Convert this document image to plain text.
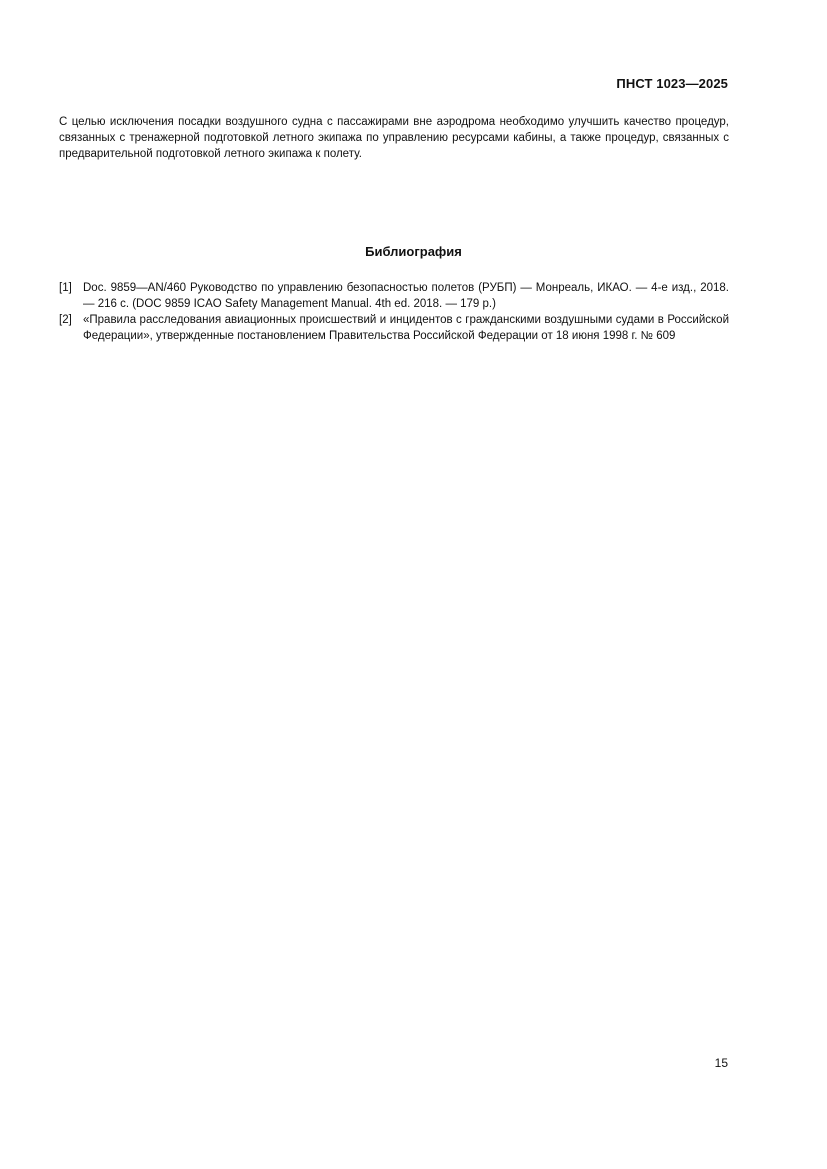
ПНСТ 1023—2025

С целью исключения посадки воздушного судна с пассажирами вне аэродрома необходимо улучшить качество процедур, связанных с тренажерной подготовкой летного экипажа по управлению ресурсами кабины, а также процедур, связанных с предварительной подготовкой летного экипажа к полету.

Библиография
[1] Doc. 9859—AN/460 Руководство по управлению безопасностью полетов (РУБП) — Монреаль, ИКАО. — 4-е изд., 2018. — 216 с. (DOC 9859 ICAO Safety Management Manual. 4th ed. 2018. — 179 p.)
[2] «Правила расследования авиационных происшествий и инцидентов с гражданскими воздушными судами в Российской Федерации», утвержденные постановлением Правительства Российской Федерации от 18 июня 1998 г. № 609
15
